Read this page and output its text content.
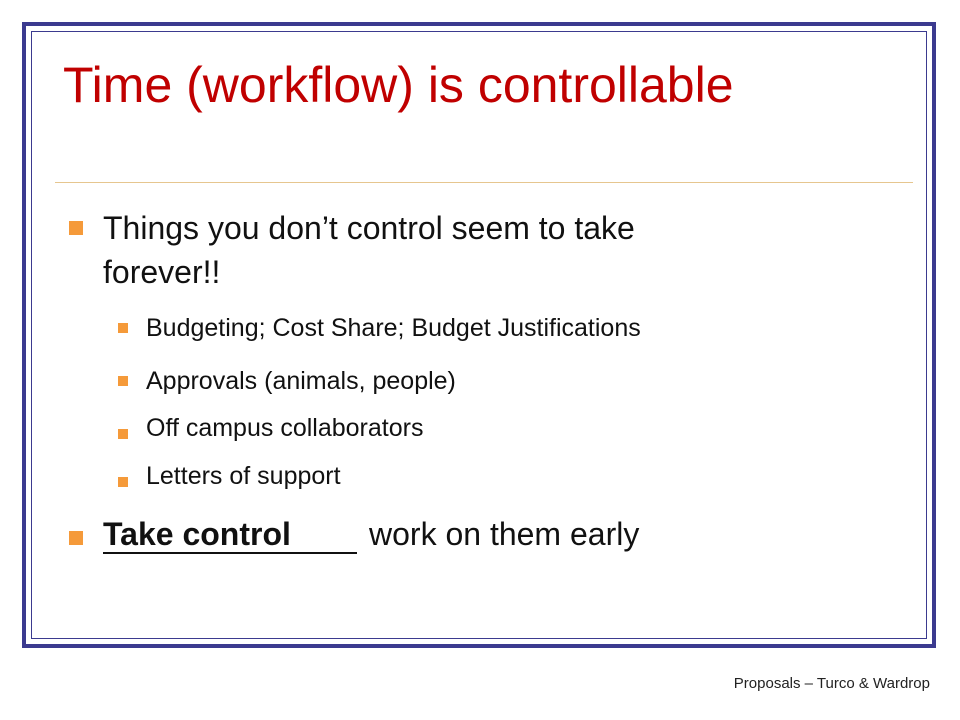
Time (workflow) is controllable
Things you don’t control seem to take
forever!!
Budgeting; Cost Share; Budget Justifications
Approvals (animals, people)
Off campus collaborators
Letters of support
Take control work on them early
Proposals – Turco & Wardrop
